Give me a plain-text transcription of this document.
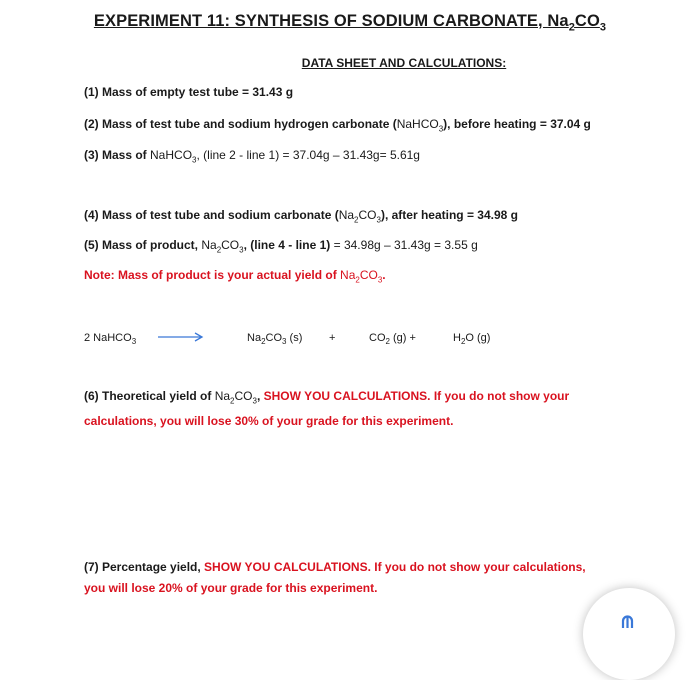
EXPERIMENT 11: SYNTHESIS OF SODIUM CARBONATE, $Na_2CO_3$
DATA SHEET AND CALCULATIONS:
(1) Mass of empty test tube = 31.43 g
(2) Mass of test tube and sodium hydrogen carbonate (NaHCO$_3$), before heating = 37.04 g
(3) Mass of NaHCO$_3$, (line 2 - line 1) = 37.04g – 31.43g= 5.61g
(4) Mass of test tube and sodium carbonate $(Na_2CO_3)$, after heating = 34.98 g
(5) Mass of product, $Na_2CO_3$, (line 4 - line 1) = 34.98g – 31.43g = 3.55 g
Note: Mass of product is your actual yield of $Na_2CO_3$.
2 NaHCO$_3$ →	$Na_2CO_3$ (s) +	$CO_2$ (g) +	$H_2O$ (g)
(6) Theoretical yield of $Na_2CO_3$, SHOW YOU CALCULATIONS. If you do not show your calculations, you will lose 30% of your grade for this experiment.
(7) Percentage yield, SHOW YOU CALCULATIONS. If you do not show your calculations, you will lose 20% of your grade for this experiment.
